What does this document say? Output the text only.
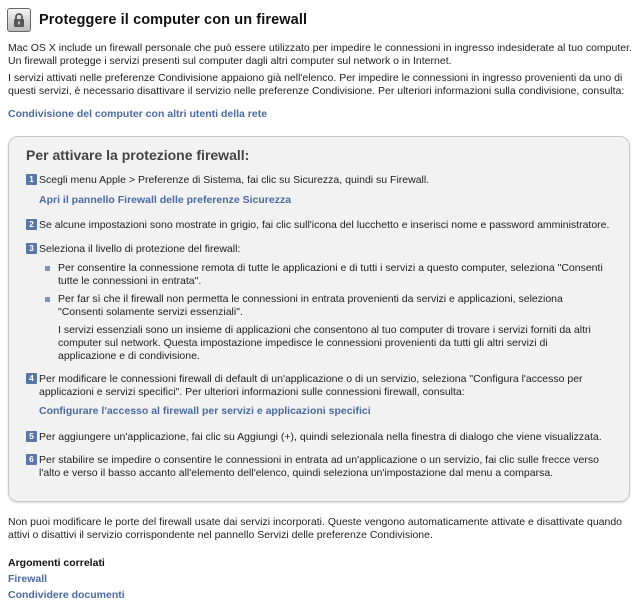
Proteggere il computer con un firewall

Mac OS X include un firewall personale che può essere utilizzato per impedire le connessioni in ingresso indesiderate al tuo computer. Un firewall protegge i servizi presenti sul computer dagli altri computer sul network o in Internet.

I servizi attivati nelle preferenze Condivisione appaiono già nell'elenco. Per impedire le connessioni in ingresso provenienti da uno di questi servizi, è necessario disattivare il servizio nelle preferenze Condivisione. Per ulteriori informazioni sulla condivisione, consulta:

Condivisione del computer con altri utenti della rete
Per attivare la protezione firewall:
1 Scegli menu Apple > Preferenze di Sistema, fai clic su Sicurezza, quindi su Firewall.
Apri il pannello Firewall delle preferenze Sicurezza
2 Se alcune impostazioni sono mostrate in grigio, fai clic sull'icona del lucchetto e inserisci nome e password amministratore.
3 Seleziona il livello di protezione del firewall:
Per consentire la connessione remota di tutte le applicazioni e di tutti i servizi a questo computer, seleziona "Consenti tutte le connessioni in entrata".
Per far sì che il firewall non permetta le connessioni in entrata provenienti da servizi e applicazioni, seleziona "Consenti solamente servizi essenziali".
I servizi essenziali sono un insieme di applicazioni che consentono al tuo computer di trovare i servizi forniti da altri computer sul network. Questa impostazione impedisce le connessioni provenienti da tutti gli altri servizi di applicazione e di condivisione.
4 Per modificare le connessioni firewall di default di un'applicazione o di un servizio, seleziona "Configura l'accesso per applicazioni e servizi specifici". Per ulteriori informazioni sulle connessioni firewall, consulta:
Configurare l'accesso al firewall per servizi e applicazioni specifici
5 Per aggiungere un'applicazione, fai clic su Aggiungi (+), quindi selezionala nella finestra di dialogo che viene visualizzata.
6 Per stabilire se impedire o consentire le connessioni in entrata ad un'applicazione o un servizio, fai clic sulle frecce verso l'alto e verso il basso accanto all'elemento dell'elenco, quindi seleziona un'impostazione dal menu a comparsa.

Non puoi modificare le porte del firewall usate dai servizi incorporati. Queste vengono automaticamente attivate e disattivate quando attivi o disattivi il servizio corrispondente nel pannello Servizi delle preferenze Condivisione.

Argomenti correlati

Firewall
Condividere documenti
